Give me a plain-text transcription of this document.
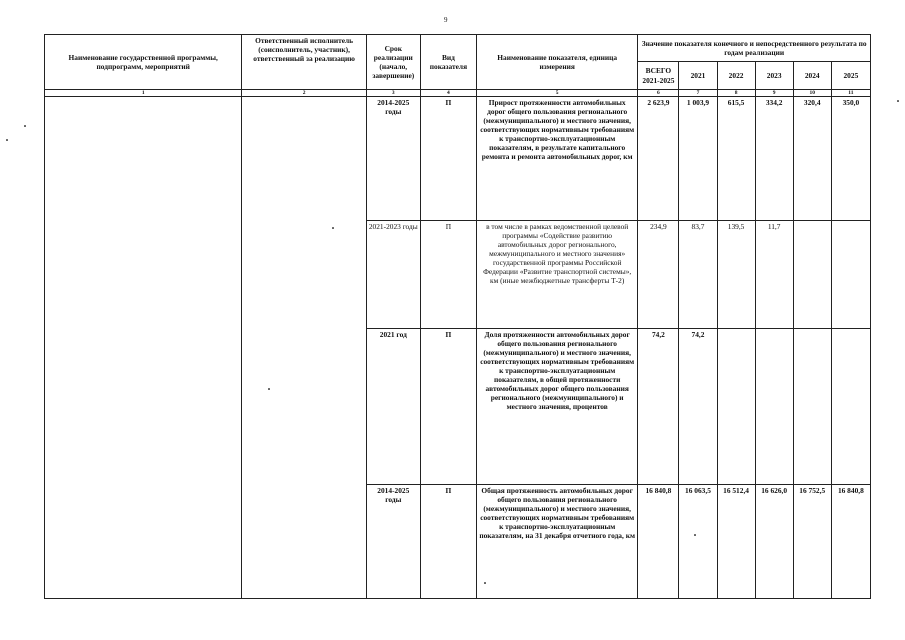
9
Наименование государственной программы, подпрограмм, мероприятий	Ответственный исполнитель (соисполнитель, участник), ответственный за реализацию	Срок реализации (начало, завершение)	Вид показателя	Наименование показателя, единица измерения	Значение показателя конечного и непосредственного результата по годам реализации					
					ВСЕГО 2021-2025	2021	2022	2023	2024	2025
1	2	3	4	5	6	7	8	9	10	11
		2014-2025 годы	П	Прирост протяженности автомобильных дорог общего пользования регионального (межмуниципального) и местного значения, соответствующих нормативным требованиям к транспортно-эксплуатационным показателям, в результате капитального ремонта и ремонта автомобильных дорог, км	2 623,9	1 003,9	615,5	334,2	320,4	350,0
		2021-2023 годы	П	в том числе в рамках ведомственной целевой программы «Содействие развитию автомобильных дорог регионального, межмуниципального и местного значения» государственной программы Российской Федерации «Развитие транспортной системы», км (иные межбюджетные трансферты Т-2)	234,9	83,7	139,5	11,7		
		2021 год	П	Доля протяженности автомобильных дорог общего пользования регионального (межмуниципального) и местного значения, соответствующих нормативным требованиям к транспортно-эксплуатационным показателям, в общей протяженности автомобильных дорог общего пользования регионального (межмуниципального) и местного значения, процентов	74,2	74,2				
		2014-2025 годы	П	Общая протяженность автомобильных дорог общего пользования регионального (межмуниципального) и местного значения, соответствующих нормативным требованиям к транспортно-эксплуатационным показателям, на 31 декабря отчетного года, км	16 840,8	16 063,5	16 512,4	16 626,0	16 752,5	16 840,8
